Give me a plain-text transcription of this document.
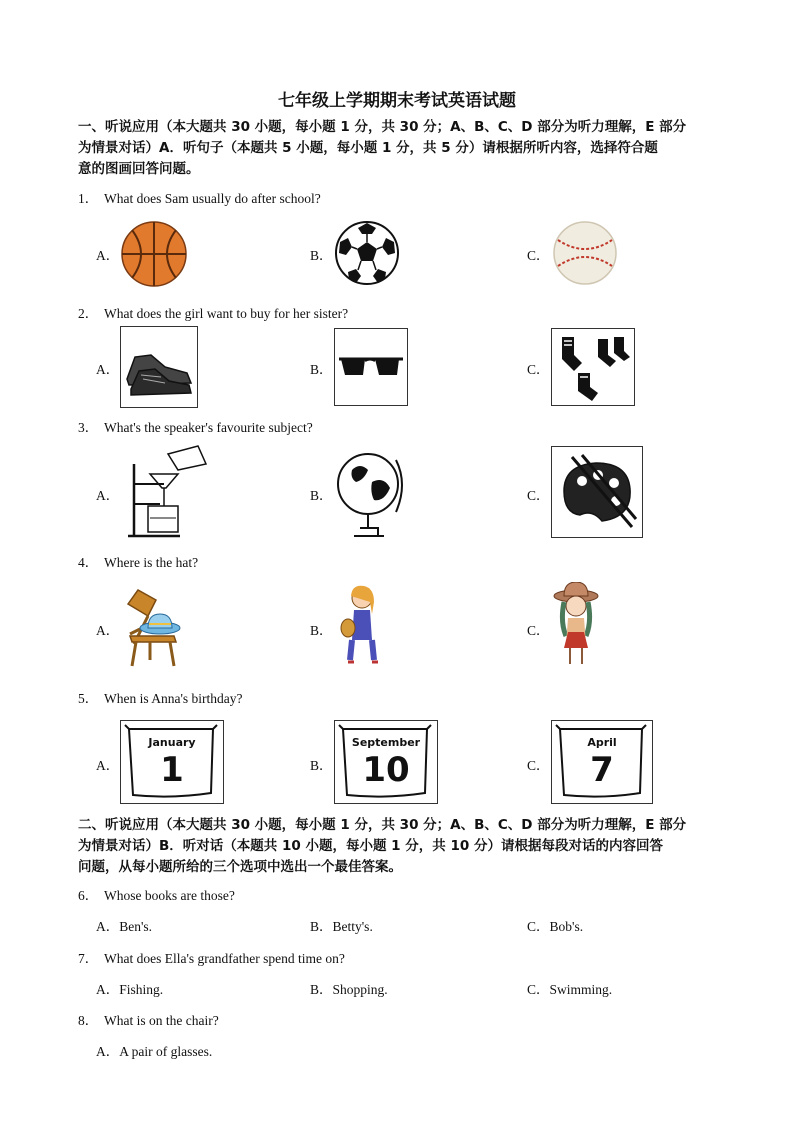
七年级上学期期末考试英语试题
一、听说应用（本大题共 30 小题，每小题 1 分，共 30 分；A、B、C、D 部分为听力理解，E 部分
为情景对话）A．听句子（本题共 5 小题，每小题 1 分，共 5 分）请根据所听内容，选择符合题
意的图画回答问题。
1． What does Sam usually do after school?
A．	B．	C．
2． What does the girl want to buy for her sister?
A．	B．	C．
3． What's the speaker's favourite subject?
A．	B．	C．
4． Where is the hat?
A．	B．	C．
5． When is Anna's birthday?
A．
January
1	B．
September
10	C．
April
7
二、听说应用（本大题共 30 小题，每小题 1 分，共 30 分；A、B、C、D 部分为听力理解，E 部分
为情景对话）B．听对话（本题共 10 小题，每小题 1 分，共 10 分）请根据每段对话的内容回答
问题，从每小题所给的三个选项中选出一个最佳答案。
6． Whose books are those?
A．Ben's.	B．Betty's.	C．Bob's.
7． What does Ella's grandfather spend time on?
A．Fishing.	B．Shopping.	C．Swimming.
8． What is on the chair?
A．A pair of glasses.
